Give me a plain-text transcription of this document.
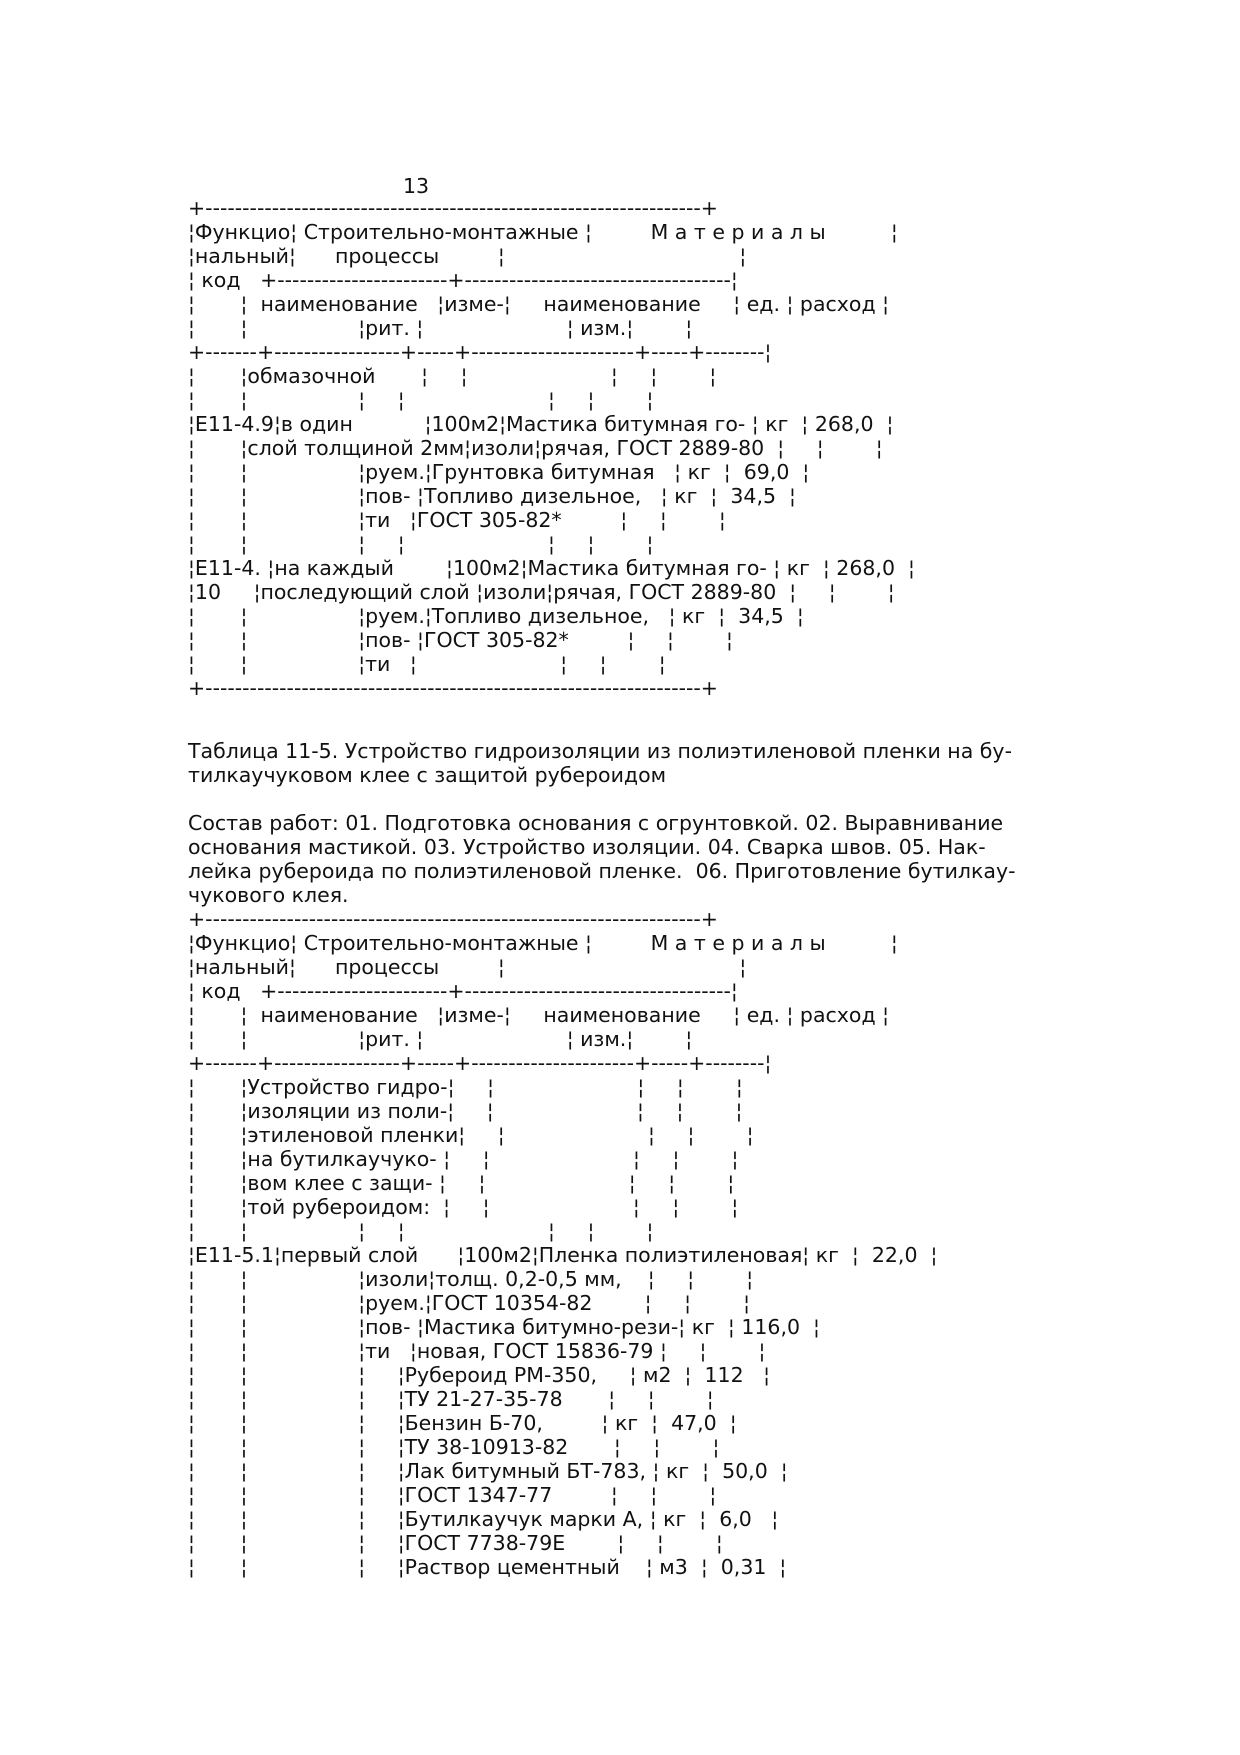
13
+-------------------------------------------------------------------+
¦Функцио¦ Строительно-монтажные ¦         М а т е р и а л ы          ¦
¦нальный¦      процессы         ¦                                    ¦
¦ код   +-----------------------+------------------------------------¦
¦       ¦  наименование   ¦изме-¦     наименование     ¦ ед. ¦ расход ¦
¦       ¦                 ¦рит. ¦                      ¦ изм.¦        ¦
+-------+-----------------+-----+----------------------+-----+--------¦
¦       ¦обмазочной       ¦     ¦                      ¦     ¦        ¦
¦       ¦                 ¦     ¦                      ¦     ¦        ¦
¦Е11-4.9¦в один           ¦100м2¦Мастика битумная го- ¦ кг  ¦ 268,0  ¦
¦       ¦слой толщиной 2мм¦изоли¦рячая, ГОСТ 2889-80  ¦     ¦        ¦
¦       ¦                 ¦руем.¦Грунтовка битумная   ¦ кг  ¦  69,0  ¦
¦       ¦                 ¦пов- ¦Топливо дизельное,   ¦ кг  ¦  34,5  ¦
¦       ¦                 ¦ти   ¦ГОСТ 305-82*         ¦     ¦        ¦
¦       ¦                 ¦     ¦                      ¦     ¦        ¦
¦Е11-4. ¦на каждый        ¦100м2¦Мастика битумная го- ¦ кг  ¦ 268,0  ¦
¦10     ¦последующий слой ¦изоли¦рячая, ГОСТ 2889-80  ¦     ¦        ¦
¦       ¦                 ¦руем.¦Топливо дизельное,   ¦ кг  ¦  34,5  ¦
¦       ¦                 ¦пов- ¦ГОСТ 305-82*         ¦     ¦        ¦
¦       ¦                 ¦ти   ¦                      ¦     ¦        ¦
+-------------------------------------------------------------------+
Таблица 11-5. Устройство гидроизоляции из полиэтиленовой пленки на бу-
тилкаучуковом клее с защитой рубероидом
Состав работ: 01. Подготовка основания с огрунтовкой. 02. Выравнивание
основания мастикой. 03. Устройство изоляции. 04. Сварка швов. 05. Нак-
лейка рубероида по полиэтиленовой пленке.  06. Приготовление бутилкау-
чукового клея.
+-------------------------------------------------------------------+
¦Функцио¦ Строительно-монтажные ¦         М а т е р и а л ы          ¦
¦нальный¦      процессы         ¦                                    ¦
¦ код   +-----------------------+------------------------------------¦
¦       ¦  наименование   ¦изме-¦     наименование     ¦ ед. ¦ расход ¦
¦       ¦                 ¦рит. ¦                      ¦ изм.¦        ¦
+-------+-----------------+-----+----------------------+-----+--------¦
¦       ¦Устройство гидро-¦     ¦                      ¦     ¦        ¦
¦       ¦изоляции из поли-¦     ¦                      ¦     ¦        ¦
¦       ¦этиленовой пленки¦     ¦                      ¦     ¦        ¦
¦       ¦на бутилкаучуко- ¦     ¦                      ¦     ¦        ¦
¦       ¦вом клее с защи- ¦     ¦                      ¦     ¦        ¦
¦       ¦той рубероидом:  ¦     ¦                      ¦     ¦        ¦
¦       ¦                 ¦     ¦                      ¦     ¦        ¦
¦Е11-5.1¦первый слой      ¦100м2¦Пленка полиэтиленовая¦ кг  ¦  22,0  ¦
¦       ¦                 ¦изоли¦толщ. 0,2-0,5 мм,    ¦     ¦        ¦
¦       ¦                 ¦руем.¦ГОСТ 10354-82        ¦     ¦        ¦
¦       ¦                 ¦пов- ¦Мастика битумно-рези-¦ кг  ¦ 116,0  ¦
¦       ¦                 ¦ти   ¦новая, ГОСТ 15836-79 ¦     ¦        ¦
¦       ¦                 ¦     ¦Рубероид РМ-350,     ¦ м2  ¦  112   ¦
¦       ¦                 ¦     ¦ТУ 21-27-35-78       ¦     ¦        ¦
¦       ¦                 ¦     ¦Бензин Б-70,         ¦ кг  ¦  47,0  ¦
¦       ¦                 ¦     ¦ТУ 38-10913-82       ¦     ¦        ¦
¦       ¦                 ¦     ¦Лак битумный БТ-783, ¦ кг  ¦  50,0  ¦
¦       ¦                 ¦     ¦ГОСТ 1347-77         ¦     ¦        ¦
¦       ¦                 ¦     ¦Бутилкаучук марки А, ¦ кг  ¦  6,0   ¦
¦       ¦                 ¦     ¦ГОСТ 7738-79Е        ¦     ¦        ¦
¦       ¦                 ¦     ¦Раствор цементный    ¦ м3  ¦  0,31  ¦
